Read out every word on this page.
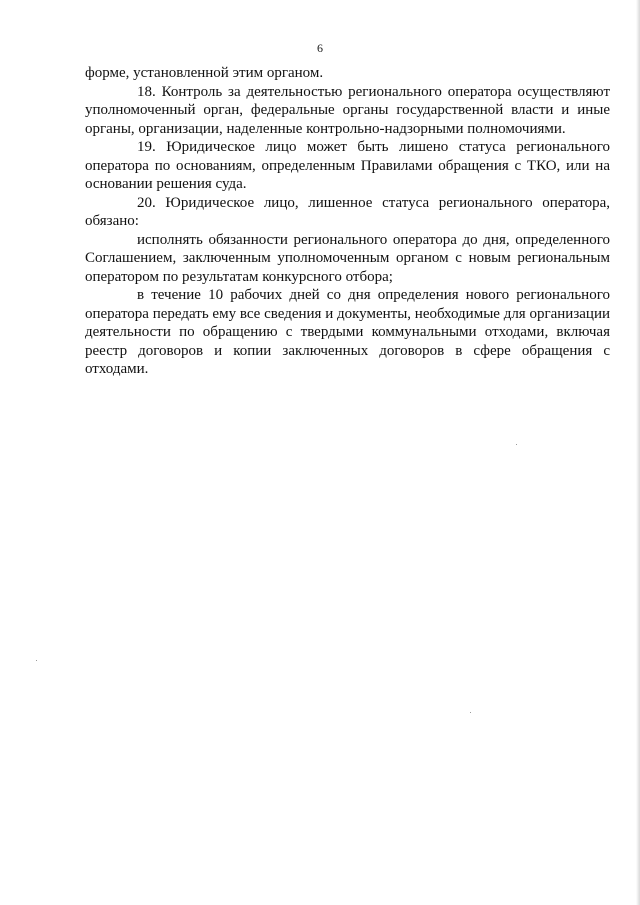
6

форме, установленной этим органом.

18. Контроль за деятельностью регионального оператора осуществляют уполномоченный орган, федеральные органы государственной власти и иные органы, организации, наделенные контрольно-надзорными полномочиями.

19. Юридическое лицо может быть лишено статуса регионального оператора по основаниям, определенным Правилами обращения с ТКО, или на основании решения суда.

20. Юридическое лицо, лишенное статуса регионального оператора, обязано:

исполнять обязанности регионального оператора до дня, определенного Соглашением, заключенным уполномоченным органом с новым региональным оператором по результатам конкурсного отбора;

в течение 10 рабочих дней со дня определения нового регионального оператора передать ему все сведения и документы, необходимые для организации деятельности по обращению с твердыми коммунальными отходами, включая реестр договоров и копии заключенных договоров в сфере обращения с отходами.
